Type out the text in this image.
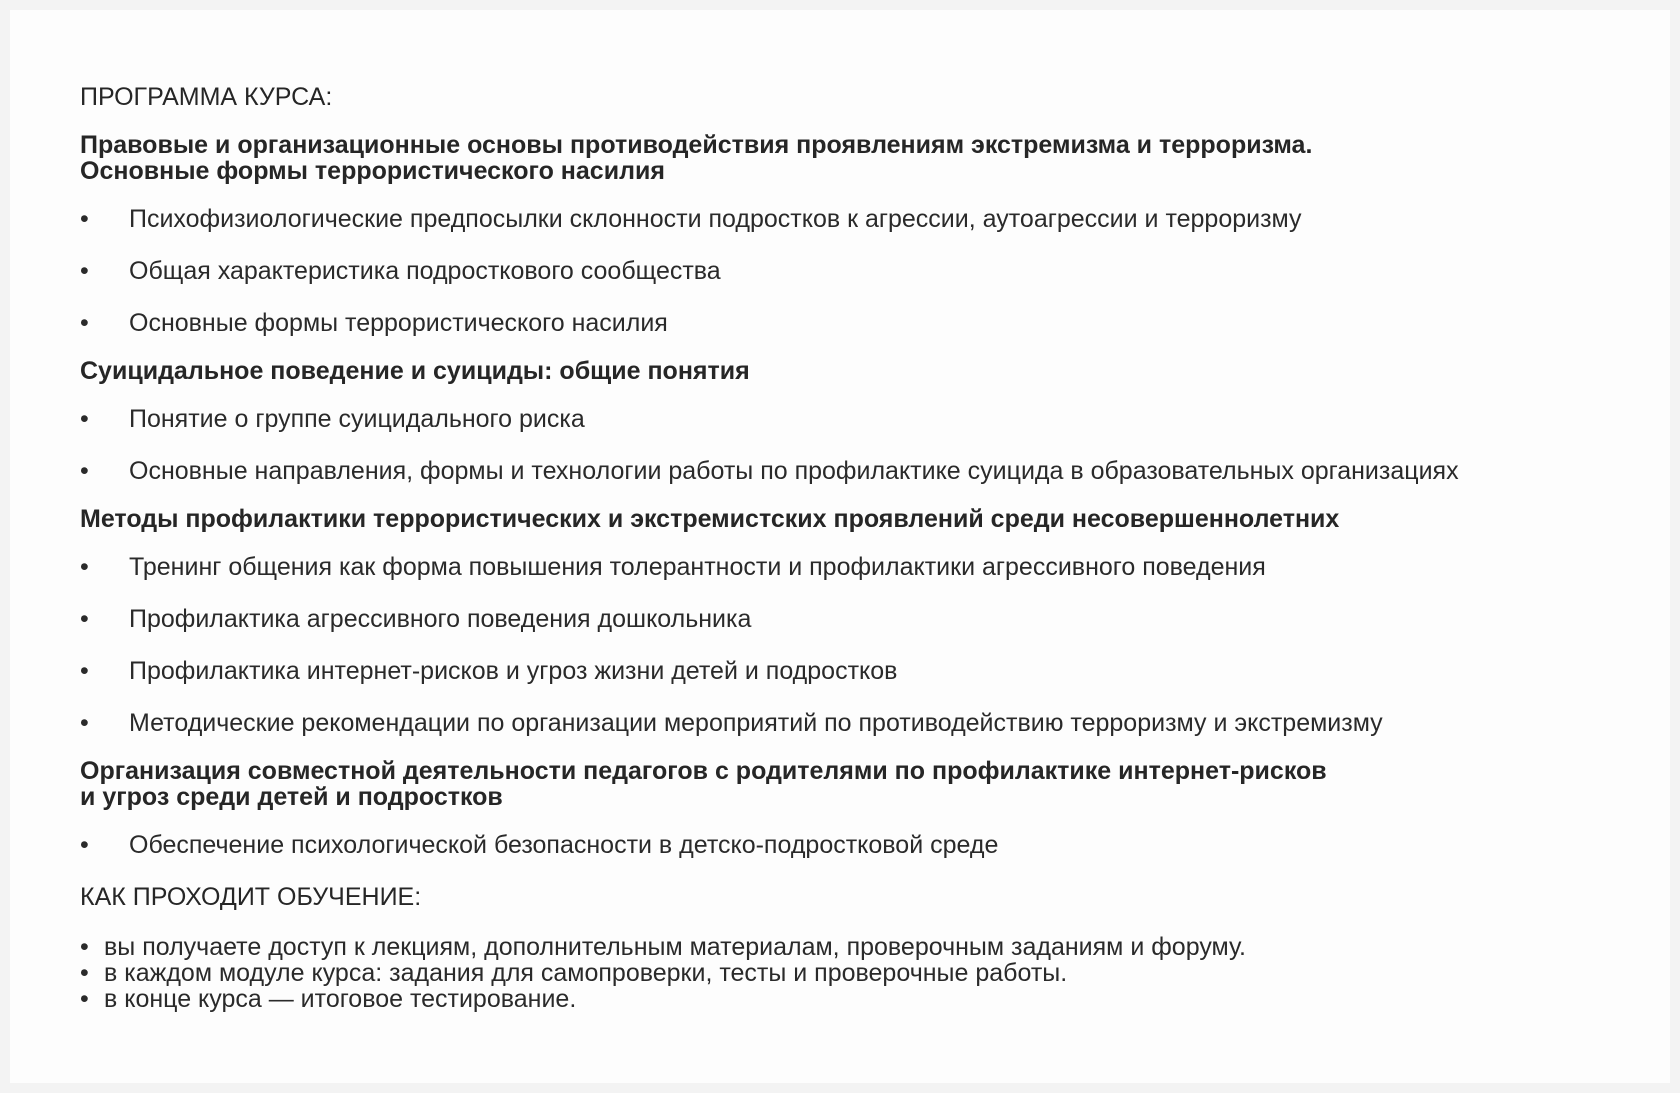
ПРОГРАММА КУРСА:

Правовые и организационные основы противодействия проявлениям экстремизма и терроризма.
Основные формы террористического насилия

• Психофизиологические предпосылки склонности подростков к агрессии, аутоагрессии и терроризму

• Общая характеристика подросткового сообщества

• Основные формы террористического насилия

Суицидальное поведение и суициды: общие понятия

• Понятие о группе суицидального риска

• Основные направления, формы и технологии работы по профилактике суицида в образовательных организациях

Методы профилактики террористических и экстремистских проявлений среди несовершеннолетних

• Тренинг общения как форма повышения толерантности и профилактики агрессивного поведения

• Профилактика агрессивного поведения дошкольника

• Профилактика интернет-рисков и угроз жизни детей и подростков

• Методические рекомендации по организации мероприятий по противодействию терроризму и экстремизму

Организация совместной деятельности педагогов с родителями по профилактике интернет-рисков
и угроз среди детей и подростков

• Обеспечение психологической безопасности в детско-подростковой среде

КАК ПРОХОДИТ ОБУЧЕНИЕ:

• вы получаете доступ к лекциям, дополнительным материалам, проверочным заданиям и форуму.

• в каждом модуле курса: задания для самопроверки, тесты и проверочные работы.

• в конце курса — итоговое тестирование.
